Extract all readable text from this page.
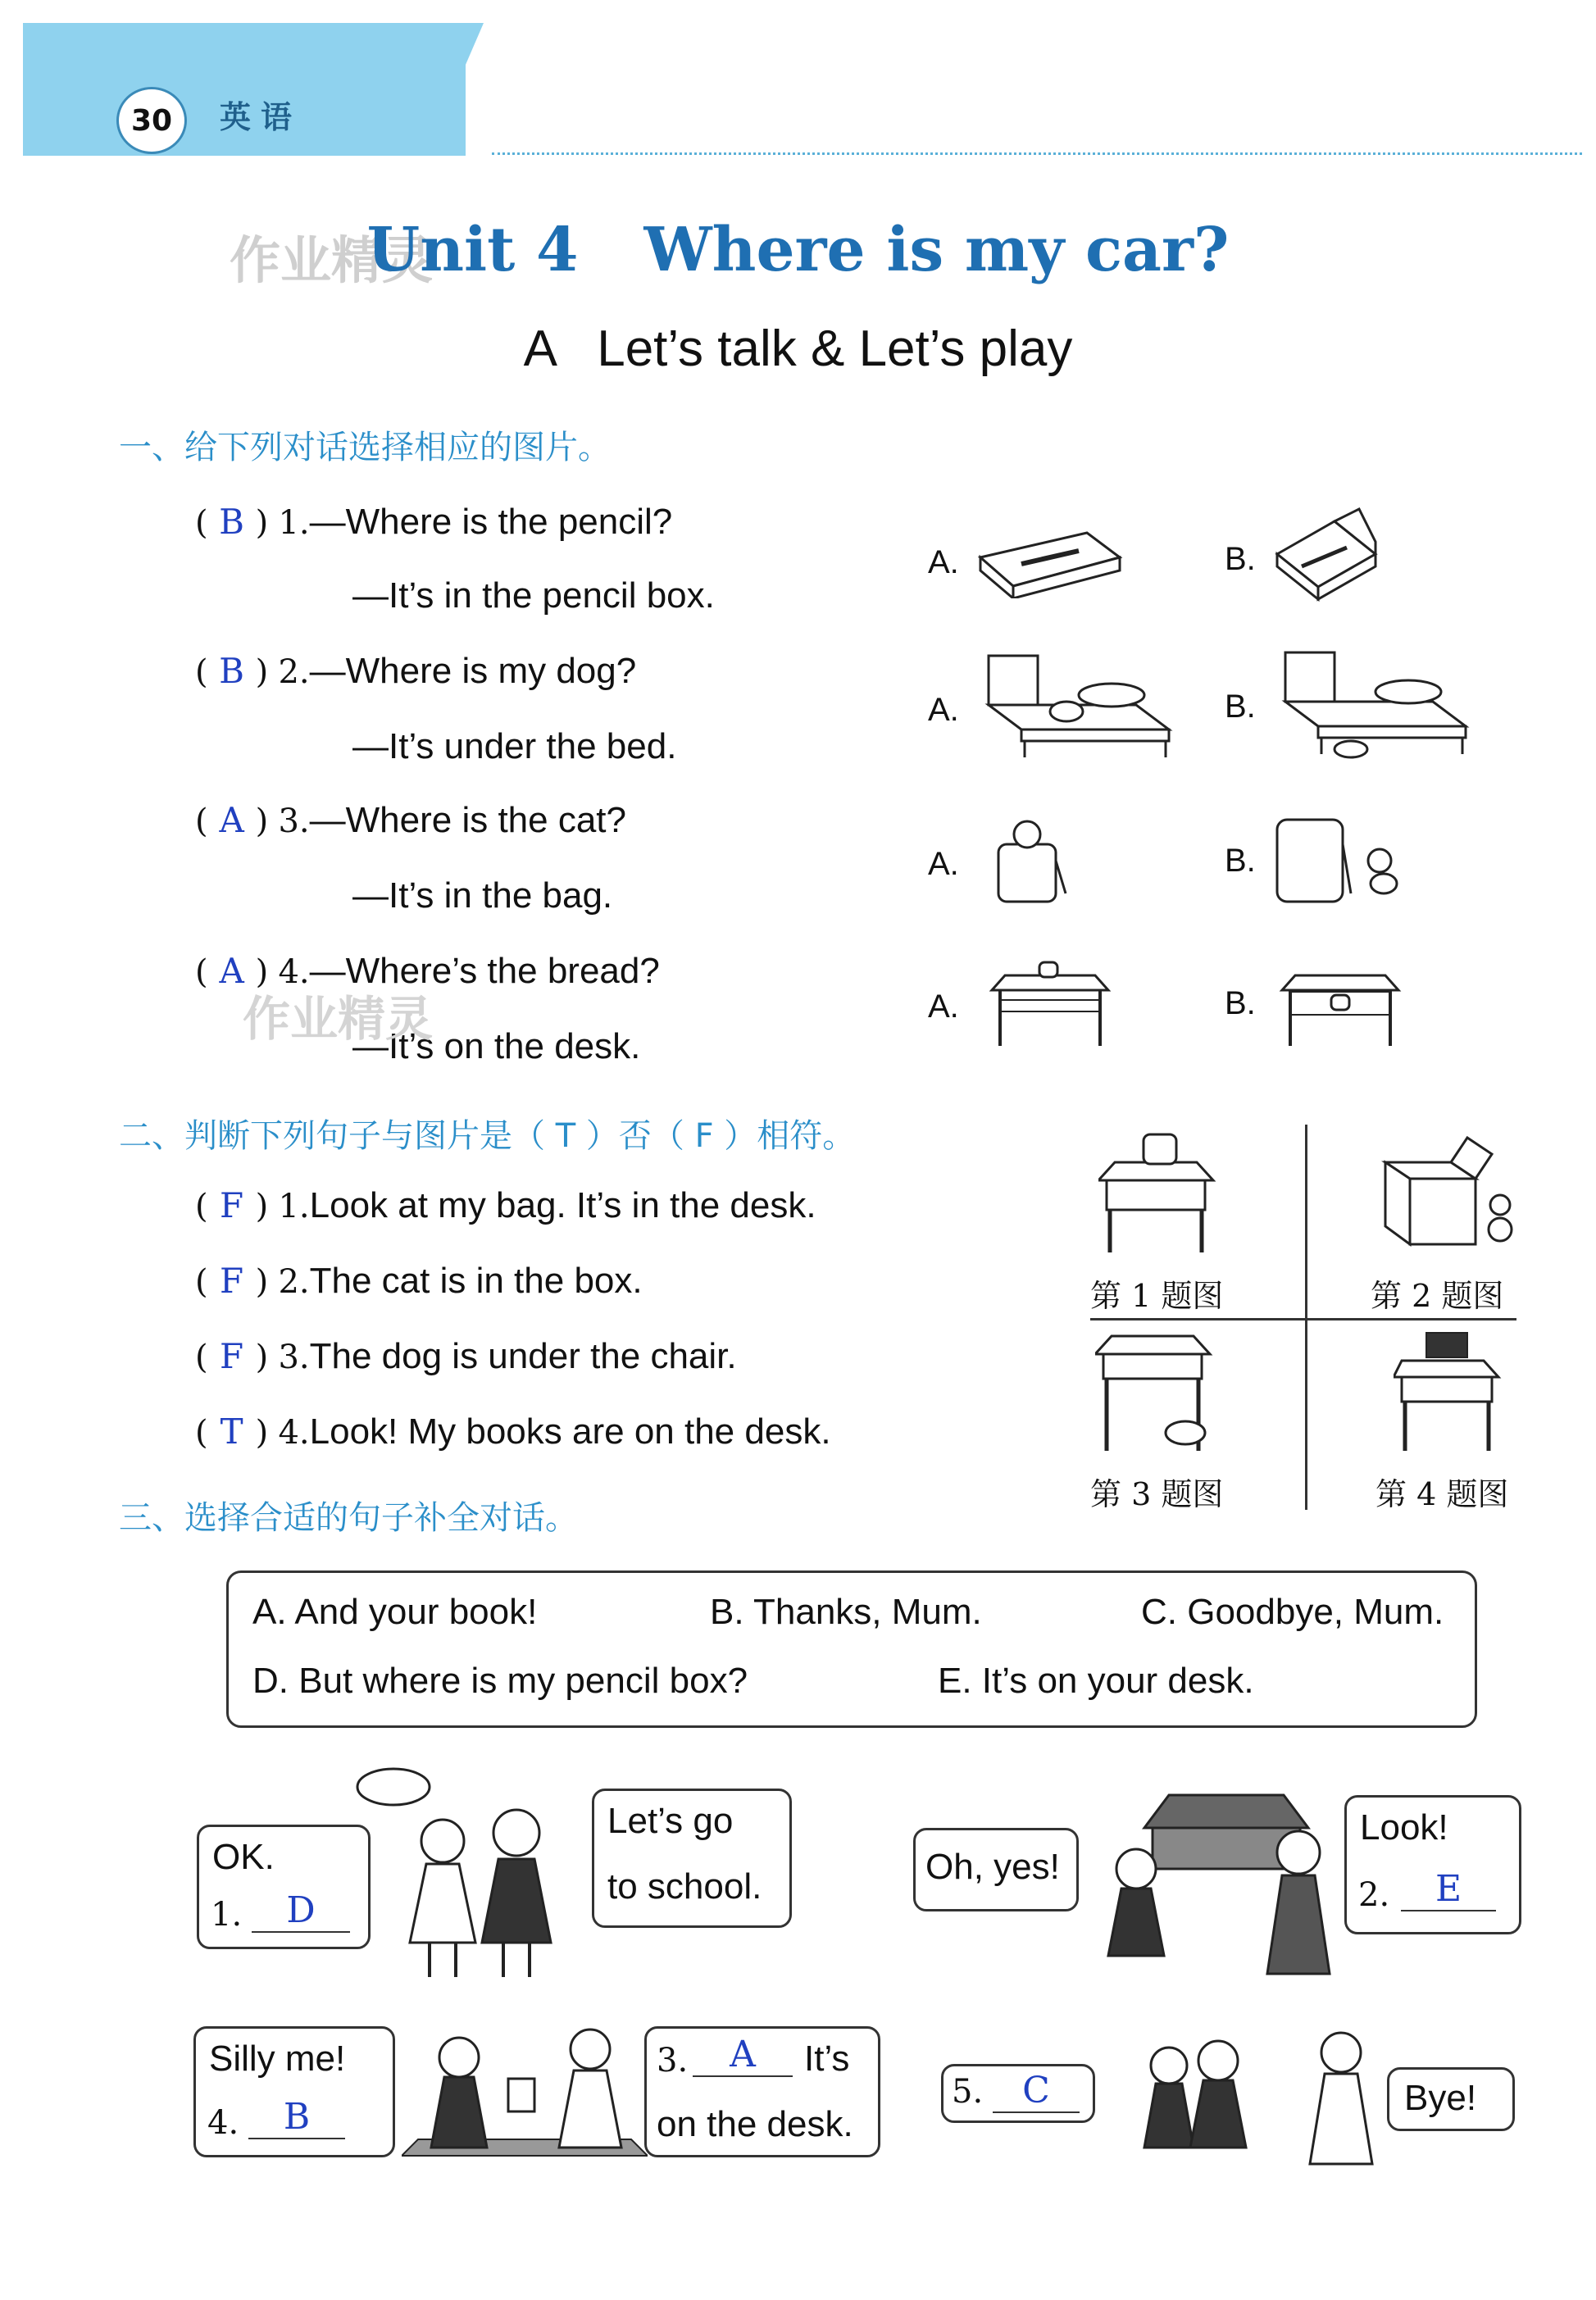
30	英语
作业精灵
Unit 4 Where is my car?
A   Let’s talk & Let’s play
一、给下列对话选择相应的图片。
( B ) 1.—Where is the pencil?
—It’s in the pencil box.
( B ) 2.—Where is my dog?
—It’s under the bed.
( A ) 3.—Where is the cat?
—It’s in the bag.
( A ) 4.—Where’s the bread?
—It’s on the desk.
作业精灵
A.	B.
A.	B.
A.	B.
A.	B.
二、判断下列句子与图片是（ T ）否（ F ）相符。
( F ) 1.Look at my bag. It’s in the desk.
( F ) 2.The cat is in the box.
( F ) 3.The dog is under the chair.
( T ) 4.Look! My books are on the desk.
第 1 题图	第 2 题图
第 3 题图	第 4 题图
三、选择合适的句子补全对话。
A. And your book!	B. Thanks, Mum.	C. Goodbye, Mum.
D. But where is my pencil box?	E. It’s on your desk.
OK.
1.	D
Let’s go
to school.	Oh, yes!
Look!
2.	E
Silly me!
4.	B
3.	A	It’s
on the desk.
5.	C	Bye!
